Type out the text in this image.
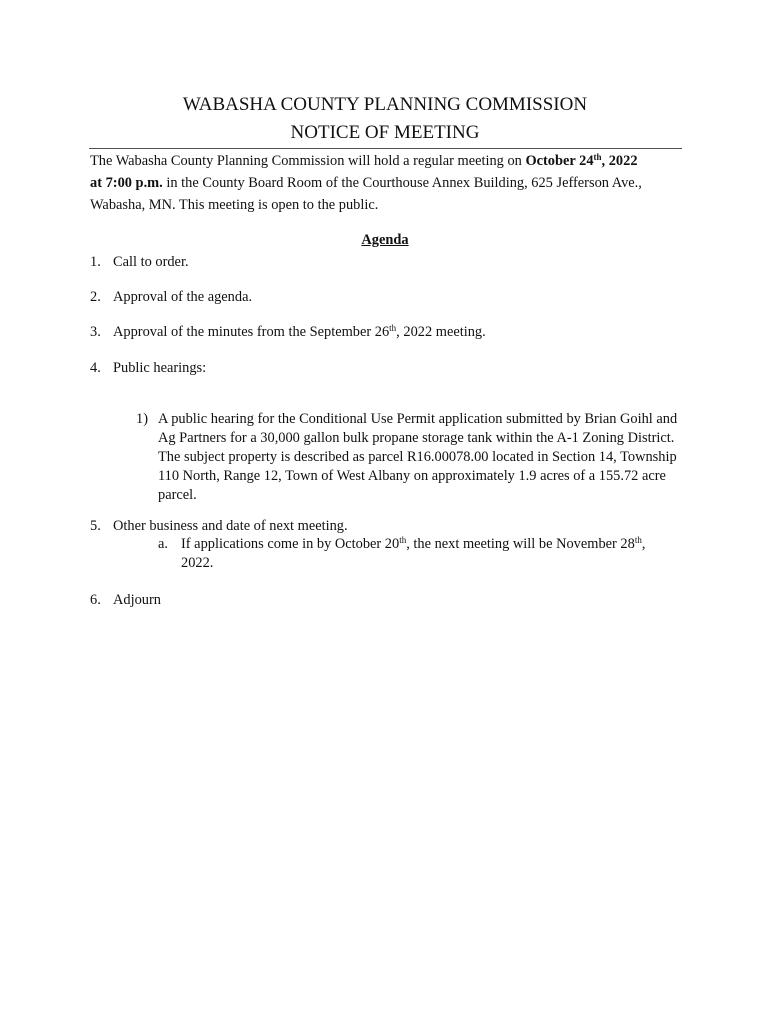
WABASHA COUNTY PLANNING COMMISSION
NOTICE OF MEETING
The Wabasha County Planning Commission will hold a regular meeting on October 24th, 2022
at 7:00 p.m. in the County Board Room of the Courthouse Annex Building, 625 Jefferson Ave., Wabasha, MN. This meeting is open to the public.
Agenda
1. Call to order.
2. Approval of the agenda.
3. Approval of the minutes from the September 26th, 2022 meeting.
4. Public hearings:
1) A public hearing for the Conditional Use Permit application submitted by Brian Goihl and Ag Partners for a 30,000 gallon bulk propane storage tank within the A-1 Zoning District. The subject property is described as parcel R16.00078.00 located in Section 14, Township 110 North, Range 12, Town of West Albany on approximately 1.9 acres of a 155.72 acre parcel.
5. Other business and date of next meeting.
a. If applications come in by October 20th, the next meeting will be November 28th, 2022.
6. Adjourn
